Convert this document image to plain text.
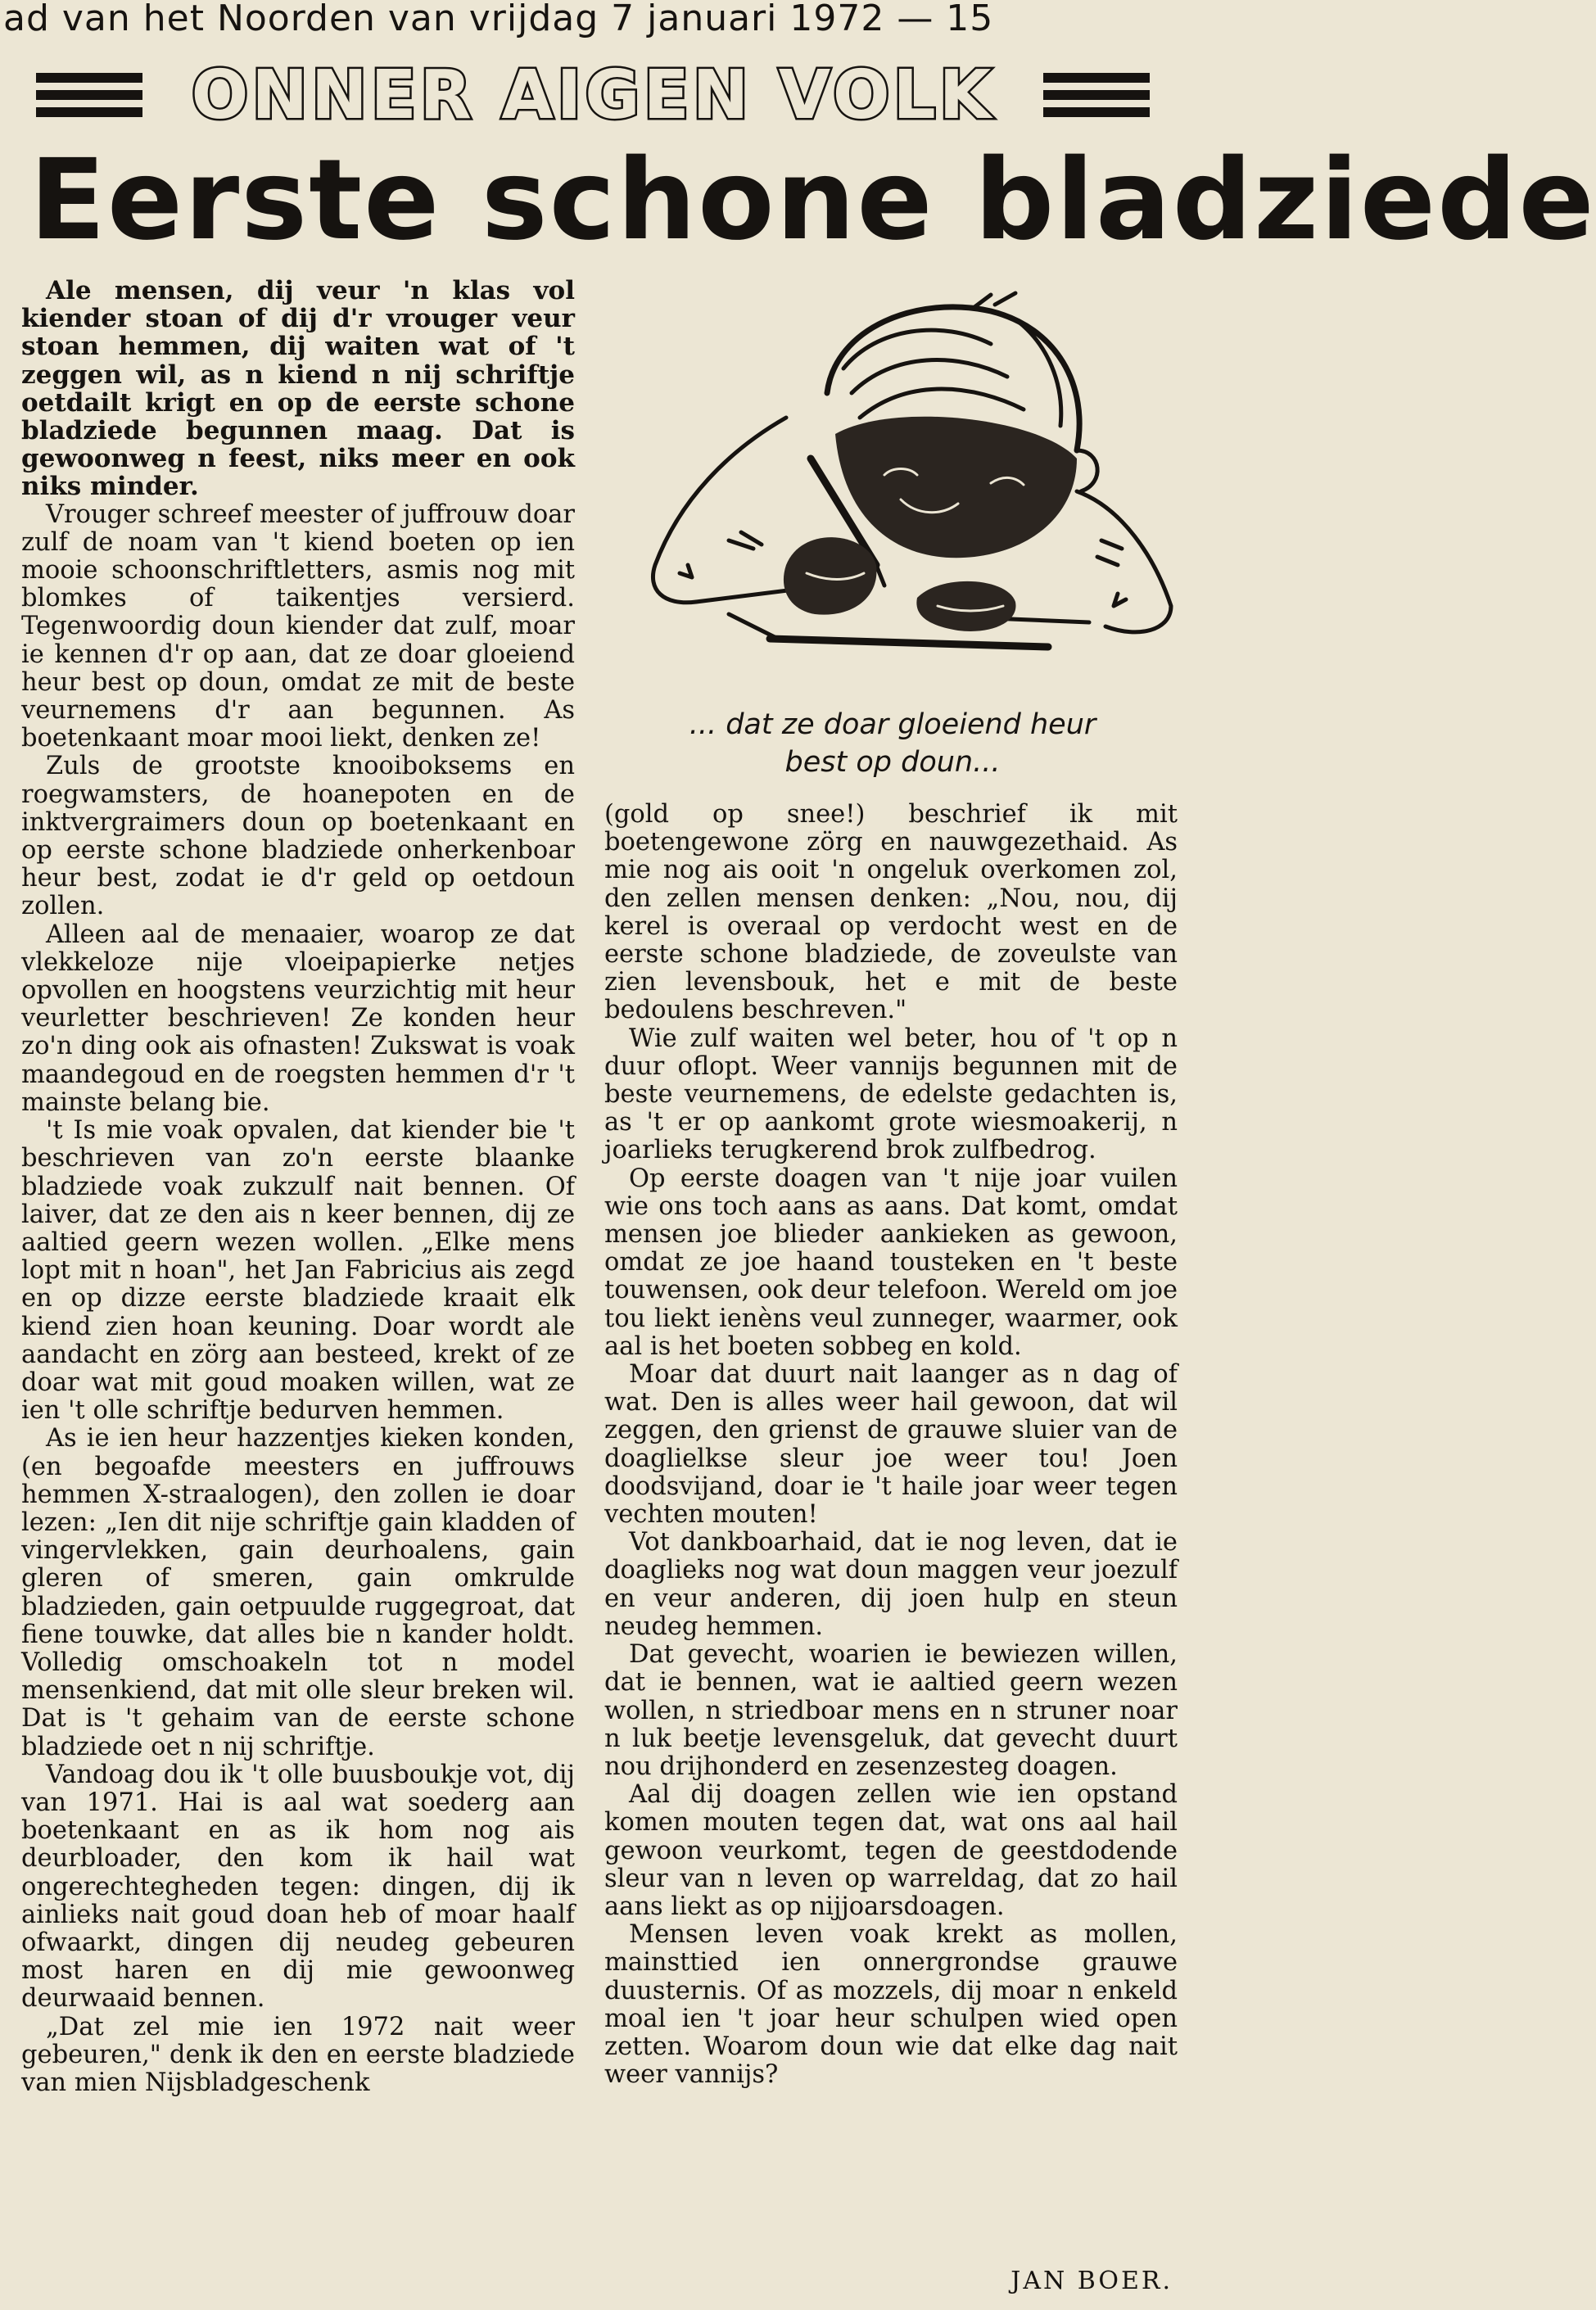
ad van het Noorden van vrijdag 7 januari 1972 — 15
ONNER AIGEN VOLK
Eerste schone bladziede

Ale mensen, dij veur 'n klas vol kiender stoan of dij d'r vrouger veur stoan hemmen, dij waiten wat of 't zeggen wil, as n kiend n nij schriftje oetdailt krigt en op de eerste schone bladziede begunnen maag. Dat is gewoonweg n feest, niks meer en ook niks minder.

Vrouger schreef meester of juffrouw doar zulf de noam van 't kiend boeten op ien mooie schoonschriftletters, asmis nog mit blomkes of taikentjes versierd. Tegenwoordig doun kiender dat zulf, moar ie kennen d'r op aan, dat ze doar gloeiend heur best op doun, omdat ze mit de beste veurnemens d'r aan begunnen. As boetenkaant moar mooi liekt, denken ze!

Zuls de grootste knooiboksems en roegwamsters, de hoanepoten en de inktvergraimers doun op boetenkaant en op eerste schone bladziede onherkenboar heur best, zodat ie d'r geld op oetdoun zollen.

Alleen aal de menaaier, woarop ze dat vlekkeloze nije vloeipapierke netjes opvollen en hoogstens veurzichtig mit heur veurletter beschrieven! Ze konden heur zo'n ding ook ais ofnasten! Zukswat is voak maandegoud en de roegsten hemmen d'r 't mainste belang bie.

't Is mie voak opvalen, dat kiender bie 't beschrieven van zo'n eerste blaanke bladziede voak zukzulf nait bennen. Of laiver, dat ze den ais n keer bennen, dij ze aaltied geern wezen wollen. „Elke mens lopt mit n hoan", het Jan Fabricius ais zegd en op dizze eerste bladziede kraait elk kiend zien hoan keuning. Doar wordt ale aandacht en zörg aan besteed, krekt of ze doar wat mit goud moaken willen, wat ze ien 't olle schriftje bedurven hemmen.

As ie ien heur hazzentjes kieken konden, (en begoafde meesters en juffrouws hemmen X-straalogen), den zollen ie doar lezen: „Ien dit nije schriftje gain kladden of vingervlekken, gain deurhoalens, gain gleren of smeren, gain omkrulde bladzieden, gain oetpuulde ruggegroat, dat fiene touwke, dat alles bie n kander holdt. Volledig omschoakeln tot n model mensenkiend, dat mit olle sleur breken wil. Dat is 't gehaim van de eerste schone bladziede oet n nij schriftje.

Vandoag dou ik 't olle buusboukje vot, dij van 1971. Hai is aal wat soederg aan boetenkaant en as ik hom nog ais deurbloader, den kom ik hail wat ongerechtegheden tegen: dingen, dij ik ainlieks nait goud doan heb of moar haalf ofwaarkt, dingen dij neudeg gebeuren most haren en dij mie gewoonweg deurwaaid bennen.

„Dat zel mie ien 1972 nait weer gebeuren," denk ik den en eerste bladziede van mien Nijsbladgeschenk

... dat ze doar gloeiend heur
best op doun...

(gold op snee!) beschrief ik mit boetengewone zörg en nauwgezethaid. As mie nog ais ooit 'n ongeluk overkomen zol, den zellen mensen denken: „Nou, nou, dij kerel is overaal op verdocht west en de eerste schone bladziede, de zoveulste van zien levensbouk, het e mit de beste bedoulens beschreven."

Wie zulf waiten wel beter, hou of 't op n duur oflopt. Weer vannijs begunnen mit de beste veurnemens, de edelste gedachten is, as 't er op aankomt grote wiesmoakerij, n joarlieks terugkerend brok zulfbedrog.

Op eerste doagen van 't nije joar vuilen wie ons toch aans as aans. Dat komt, omdat mensen joe blieder aankieken as gewoon, omdat ze joe haand tousteken en 't beste touwensen, ook deur telefoon. Wereld om joe tou liekt ienèns veul zunneger, waarmer, ook aal is het boeten sobbeg en kold.

Moar dat duurt nait laanger as n dag of wat. Den is alles weer hail gewoon, dat wil zeggen, den grienst de grauwe sluier van de doaglielkse sleur joe weer tou! Joen doodsvijand, doar ie 't haile joar weer tegen vechten mouten!

Vot dankboarhaid, dat ie nog leven, dat ie doaglieks nog wat doun maggen veur joezulf en veur anderen, dij joen hulp en steun neudeg hemmen.

Dat gevecht, woarien ie bewiezen willen, dat ie bennen, wat ie aaltied geern wezen wollen, n striedboar mens en n struner noar n luk beetje levensgeluk, dat gevecht duurt nou drijhonderd en zesenzesteg doagen.

Aal dij doagen zellen wie ien opstand komen mouten tegen dat, wat ons aal hail gewoon veurkomt, tegen de geestdodende sleur van n leven op warreldag, dat zo hail aans liekt as op nijjoarsdoagen.

Mensen leven voak krekt as mollen, mainsttied ien onnergrondse grauwe duusternis. Of as mozzels, dij moar n enkeld moal ien 't joar heur schulpen wied open zetten. Woarom doun wie dat elke dag nait weer vannijs?

JAN BOER.
